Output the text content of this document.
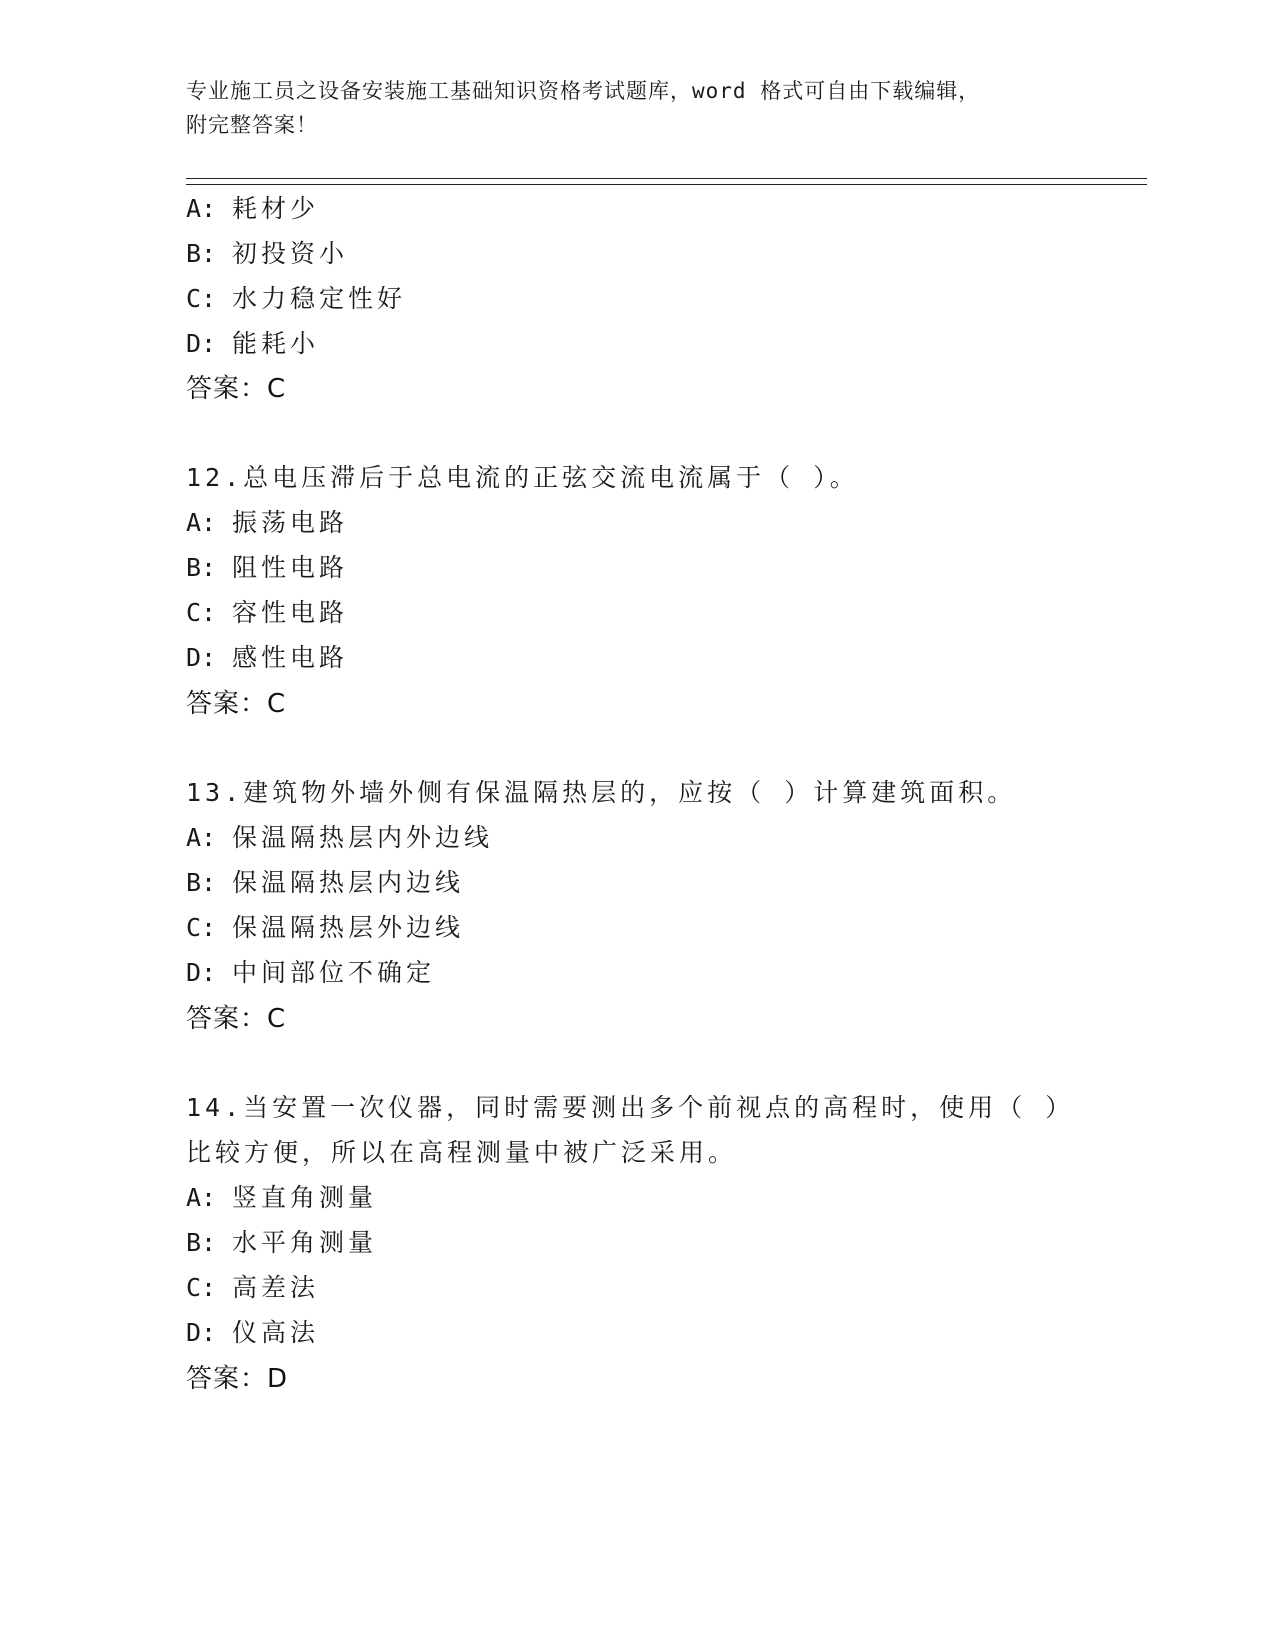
专业施工员之设备安装施工基础知识资格考试题库，word 格式可自由下载编辑，
附完整答案！
A: 耗材少
B: 初投资小
C: 水力稳定性好
D: 能耗小
答案：C
12.总电压滞后于总电流的正弦交流电流属于（ ）。
A: 振荡电路
B: 阻性电路
C: 容性电路
D: 感性电路
答案：C
13.建筑物外墙外侧有保温隔热层的，应按（ ）计算建筑面积。
A: 保温隔热层内外边线
B: 保温隔热层内边线
C: 保温隔热层外边线
D: 中间部位不确定
答案：C
14.当安置一次仪器，同时需要测出多个前视点的高程时，使用（ ）
比较方便，所以在高程测量中被广泛采用。
A: 竖直角测量
B: 水平角测量
C: 高差法
D: 仪高法
答案：D
